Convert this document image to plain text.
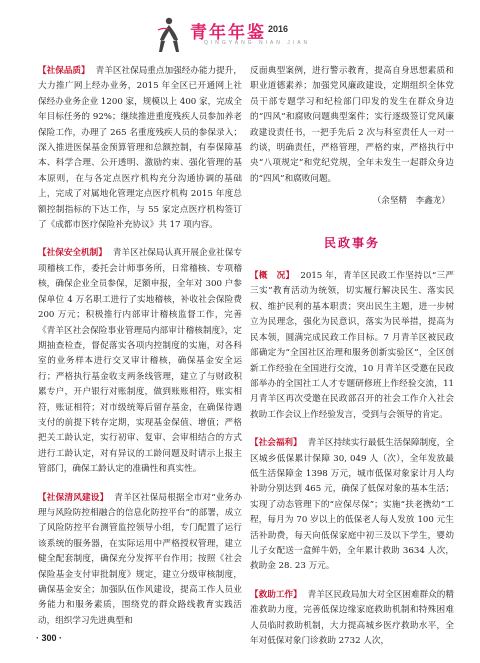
青年年鉴 2016
QINGYANG NIAN JIAN

【社保品质】 青羊区社保局重点加强经办能力提升，大力推广网上经办业务，2015 年全区已开通网上社保经办业务企业 1200 家，规模以上 400 家，完成全年目标任务的 92%；继续推进重度残疾人员参加养老保险工作，办理了 265 名重度残疾人员的参保录入；深入推进医保基金预算管理和总额控制，有奉保障基本、科学合理、公开透明、激励约束、强化管理的基本原则，在与各定点医疗机构充分沟通协调的基础上，完成了对属地化管理定点医疗机构 2015 年度总额控制指标的下达工作，与 55 家定点医疗机构签订了《成都市医疗保险补充协议》共 17 项内容。

【社保安全机制】 青羊区社保局认真开展企业社保专项稽核工作，委托会计师事务所，日常稽核、专项稽核，确保企业全员参保，足额申报，全年对 300 户参保单位 4 万名职工进行了实地稽核，补收社会保险费 200 万元；积极推行内部审计稽核监督工作，完善《青羊区社会保险事业管理局内部审计稽核制度》，定期抽查检查，督促落实各项内控制度的实施，对各科室的业务样本进行交叉审计稽核，确保基金安全运行；严格执行基金收支两条线管理，建立了与财政积累专户，开户银行对账制度，做到账账相符，账实相符，账证相符；对市级统筹后留存基金，在确保待遇支付的前提下转存定期，实现基金保值、增值；严格把关工龄认定，实行初审、复审、会审相结合的方式进行工龄认定，对有异议的工龄问题及时请示上报主管部门，确保工龄认定的准确性和真实性。

【社保清风建设】 青羊区社保局根据全市对“业务办理与风险防控相融合的信息化防控平台”的部署，成立了风险防控平台测管监控领导小组，专门配置了运行该系统的服务器，在实际运用中严格授权管理，建立健全配套制度，确保充分发挥平台作用；按照《社会保险基金支付审批制度》规定，建立分级审核制度，确保基金安全；加强队伍作风建设，提高工作人员业务能力和服务素质，围绕党的群众路线教育实践活动，组织学习先进典型和

反面典型案例，进行警示教育，提高自身思想素质和职业道德素养；加强党风廉政建设，定期组织全体党员干部专题学习和纪检部门印发的发生在群众身边的“四风”和腐败问题典型案件；实行逐级签订党风廉政建设责任书，一把手先后 2 次与科室责任人一对一约谈，明确责任，严格管理，严格约束，严格执行中央“八项规定”和党纪党规，全年未发生一起群众身边的“四风”和腐败问题。

（余坚精　李鑫龙）
民政事务

【概　况】 2015 年，青羊区民政工作坚持以“三严三实”教育活动为统领，切实履行解决民生、落实民权、维护民利的基本职责；突出民生主题，进一步树立为民理念，强化为民意识，落实为民举措，提高为民本领，圆满完成民政工作目标。7 月青羊区被民政部确定为“全国社区治理和服务创新实验区”，全区创新工作经验在全国进行交流，10 月青羊区受邀在民政部举办的全国社工人才专题研修班上作经验交流，11 月青羊区再次受邀在民政部召开的社会工作介入社会救助工作会议上作经验发言，受到与会领导的肯定。

【社会福利】 青羊区持续实行最低生活保障制度，全区城乡低保累计保障 30, 049 人（次），全年发放最低生活保障金 1398 万元，城市低保对象家计月人均补助分别达到 465 元，确保了低保对象的基本生活；实现了动态管理下的“应保尽保”；实施“扶老携幼”工程，每月为 70 岁以上的低保老人每人发放 100 元生活补助费，每天向低保家庭中初三及以下学生，婴幼儿子女配送一盒鲜牛奶，全年累计救助 3634 人次，救助金 28. 23 万元。

【救助工作】 青羊区民政局加大对全区困难群众的精准救助力度，完善低保边缘家庭救助机制和特殊困难人员临时救助机制，大力提高城乡医疗救助水平，全年对低保对象门诊救助 2732 人次，

· 300 ·
